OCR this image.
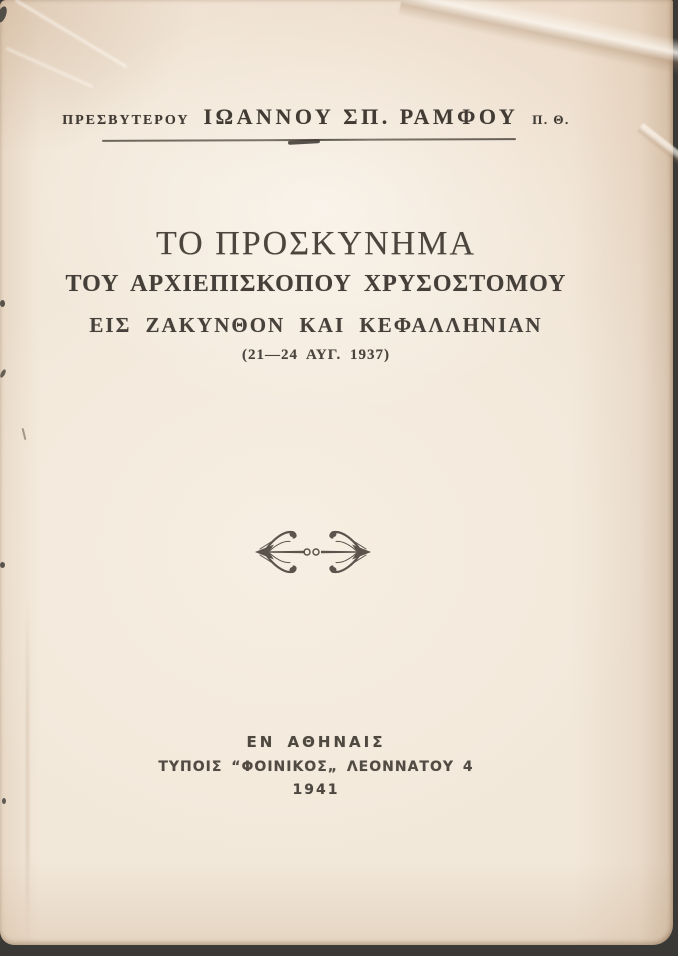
ΠΡΕΣΒΥΤΕΡΟΥ ΙΩΑΝΝΟΥ ΣΠ. ΡΑΜΦΟΥ Π. Θ.
ΤΟ ΠΡΟΣΚΥΝΗΜΑ
ΤΟΥ ΑΡΧΙΕΠΙΣΚΟΠΟΥ ΧΡΥΣΟΣΤΟΜΟΥ
ΕΙΣ ΖΑΚΥΝΘΟΝ ΚΑΙ ΚΕΦΑΛΛΗΝΙΑΝ
(21—24 ΑΥΓ. 1937)
ΕΝ ΑΘΗΝΑΙΣ
ΤΥΠΟΙΣ “ΦΟΙΝΙΚΟΣ„ ΛΕΟΝΝΑΤΟΥ 4
1941
